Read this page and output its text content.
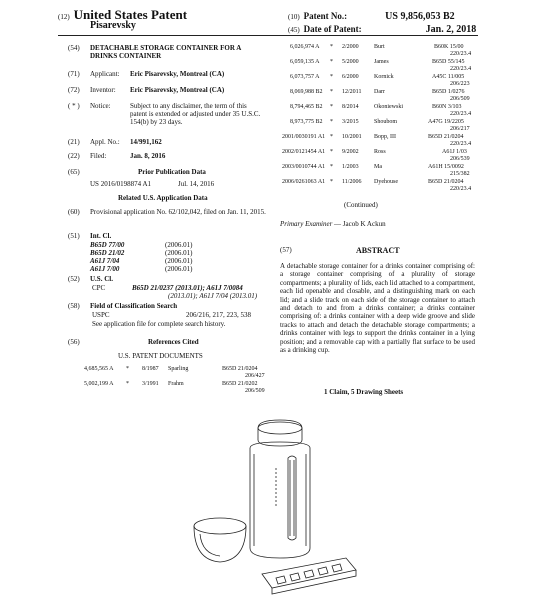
(12) United States Patent
Pisarevsky
(10) Patent No.:	US 9,856,053 B2
(45) Date of Patent:	Jan. 2, 2018
(54) DETACHABLE STORAGE CONTAINER FOR A DRINKS CONTAINER
(71) Applicant: Eric Pisarevsky, Montreal (CA)
(72) Inventor: Eric Pisarevsky, Montreal (CA)
( * ) Notice:	Subject to any disclaimer, the term of this patent is extended or adjusted under 35 U.S.C. 154(b) by 23 days.
(21) Appl. No.: 14/991,162
(22) Filed:	Jan. 8, 2016
(65)	Prior Publication Data
US 2016/0198874 A1	Jul. 14, 2016
Related U.S. Application Data
(60) Provisional application No. 62/102,042, filed on Jan. 11, 2015.
(51) Int. Cl.
B65D 77/00	(2006.01)
B65D 21/02	(2006.01)
A61J 7/04	(2006.01)
A61J 7/00	(2006.01)
(52) U.S. Cl.
CPC	B65D 21/0237 (2013.01); A61J 7/0084
(2013.01); A61J 7/04 (2013.01)
(58) Field of Classification Search
USPC	206/216, 217, 223, 538
See application file for complete search history.
(56)	References Cited
U.S. PATENT DOCUMENTS
4,685,565 A * 8/1987 Sparling	B65D 21/0204
206/427
5,002,199 A * 3/1991 Frahm	B65D 21/0202
206/509
6,026,974 A * 2/2000	Burt	B60K 15/00
220/23.4
6,059,135 A * 5/2000	James	B65D 55/145
220/23.4
6,073,757 A * 6/2000	Kornick	A45C 11/005
206/223
8,069,988 B2 * 12/2011 Darr	B65D 1/0276
206/509
8,794,465 B2 * 8/2014	Okoniewski	B60N 3/103
220/23.4
8,973,775 B2 * 3/2015	Shoubom	A47G 19/2205
206/217
2001/0030191 A1 * 10/2001 Bopp, III	B65D 21/0204
220/23.4
2002/0121454 A1 * 9/2002	Ross	A61J 1/03
206/539
2003/0010744 A1 * 1/2003	Ma	A61H 15/0092
215/382
2006/0261063 A1 * 11/2006 Dyehouse	B65D 21/0204
220/23.4
(Continued)
Primary Examiner — Jacob K Ackun
(57)	ABSTRACT
A detachable storage container for a drinks container comprising of: a storage container comprising of a plurality of storage compartments; a plurality of lids, each lid attached to a compartment, each lid openable and closable, and a distinguishing mark on each lid; and a slide track on each side of the storage container to attach and detach to and from a drinks container; a drinks container comprising of: a drinks container with a deep wide groove and slide tracks to attach and detach the detachable storage compartments; a drinks container with legs to support the drinks container in a lying position; and a removable cap with a partially flat surface to be used as a drinking cup.
1 Claim, 5 Drawing Sheets
